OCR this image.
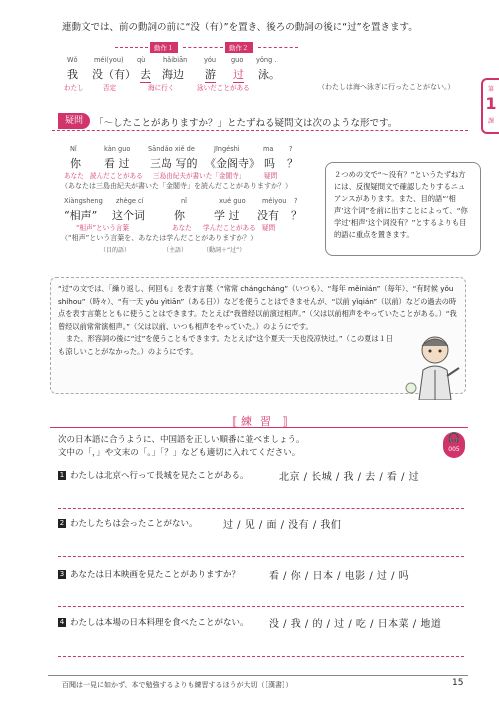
第
1
課
連動文では、前の動詞の前に“没（有）”を置き、後ろの動詞の後に“过”を置きます。
動作１	動作２
Wǒ méi(you) qù	hǎibiān	yóu guo yǒng .
我 没（有） 去 海边 游 过 泳。
わたし	否定	海に行く	泳いだことがある	（わたしは海へ泳ぎに行ったことがない。）
疑問	「～したことがありますか？」とたずねる疑問文は次のような形です。
Nǐ	kàn guo	Sāndǎo xiě de	Jīngéshì	ma ?
你 看 过 三岛 写的 《金阁寺》 吗 ？
あなた 読んだことがある 三島由紀夫が書いた「金閣寺」	疑問
（あなたは三島由紀夫が書いた「金閣寺」を読んだことがありますか？）
Xiàngsheng zhège cí	nǐ	xué guo méiyou ?
“相声” 这个词	你	学 过 没有 ？
“相声”という言葉	あなた 学んだことがある 疑問
（“相声”という言葉を、あなたは学んだことがありますか？）
（目的語）	（主語）	（動詞＋“过”）
２つめの文で“～没有？”というたずね方には、反復疑問文で確認したりするニュアンスがあります。また、目的語“‘相声’这个词”を前に出すことによって、“你学过‘相声’这个词没有？”とするよりも目的語に重点を置きます。
“过”の文では、「繰り返し、何回も」を表す言葉（“常常 chángcháng”（いつも）、“每年 měinián”（毎年）、“有时候 yǒu shíhou”（時々）、“有一天 yǒu yìtiān”（ある日））などを使うことはできませんが、“以前 yǐqián”（以前）などの過去の時点を表す言葉とともに使うことはできます。たとえば“我曾经以前演过相声。”（父は以前相声をやっていたことがある。）“我曾经以前常常演相声。”（父は以前、いつも相声をやっていた。）のようにです。
また、形容詞の後に“过”を使うこともできます。たとえば“这个夏天一天也没凉快过。”（この夏は１日も涼しいことがなかった。）のようにです。
⟦ 練習 ⟧
次の日本語に合うように、中国語を正しい順番に並べましょう。
文中の「，」や文末の「。」「？」なども適切に入れてください。
🎧
005
1 わたしは北京へ行って長城を見たことがある。	北京 / 长城 / 我 / 去 / 看 / 过
2 わたしたちは会ったことがない。	过 / 见 / 面 / 没有 / 我们
3 あなたは日本映画を見たことがありますか？	看 / 你 / 日本 / 电影 / 过 / 吗
4 わたしは本場の日本料理を食べたことがない。 没 / 我 / 的 / 过 / 吃 / 日本菜 / 地道
百聞は一見に如かず、本で勉強するよりも練習するほうが大切（［漢書］）	15
